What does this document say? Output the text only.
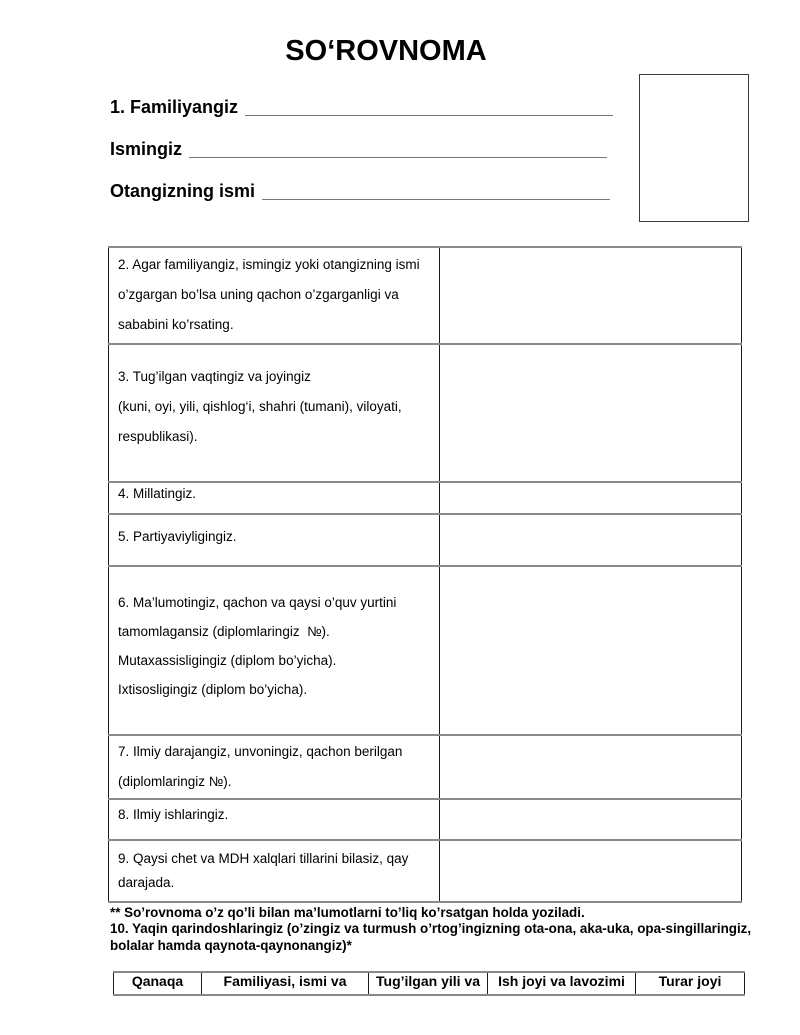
SO‘ROVNOMA
1. Familiyangiz
Ismingiz
Otangizning ismi
2. Agar familiyangiz, ismingiz yoki otangizning ismi
o’zgargan bo’lsa uning qachon o’zgarganligi va
sababini ko’rsating.	

3. Tug’ilgan vaqtingiz va joyingiz
(kuni, oyi, yili, qishlog‘i, shahri (tumani), viloyati,
respublikasi).	

4. Millatingiz.	

5. Partiyaviyligingiz.	

6. Ma’lumotingiz, qachon va qaysi o’quv yurtini
tamomlagansiz (diplomlaringiz  №).
Mutaxassisligingiz (diplom bo’yicha).
Ixtisosligingiz (diplom bo’yicha).	

7. Ilmiy darajangiz, unvoningiz, qachon berilgan
(diplomlaringiz №).	

8. Ilmiy ishlaringiz.	

9. Qaysi chet va MDH xalqlari tillarini bilasiz, qay
darajada.	

** So’rovnoma o’z qo’li bilan ma’lumotlarni to’liq ko’rsatgan holda yoziladi.
10. Yaqin qarindoshlaringiz (o’zingiz va turmush o’rtog’ingizning ota-ona, aka-uka, opa-singillaringiz,
bolalar hamda qaynota-qaynonangiz)*
Qanaqa	Familiyasi, ismi va	Tug’ilgan yili va	Ish joyi va lavozimi	Turar joyi
